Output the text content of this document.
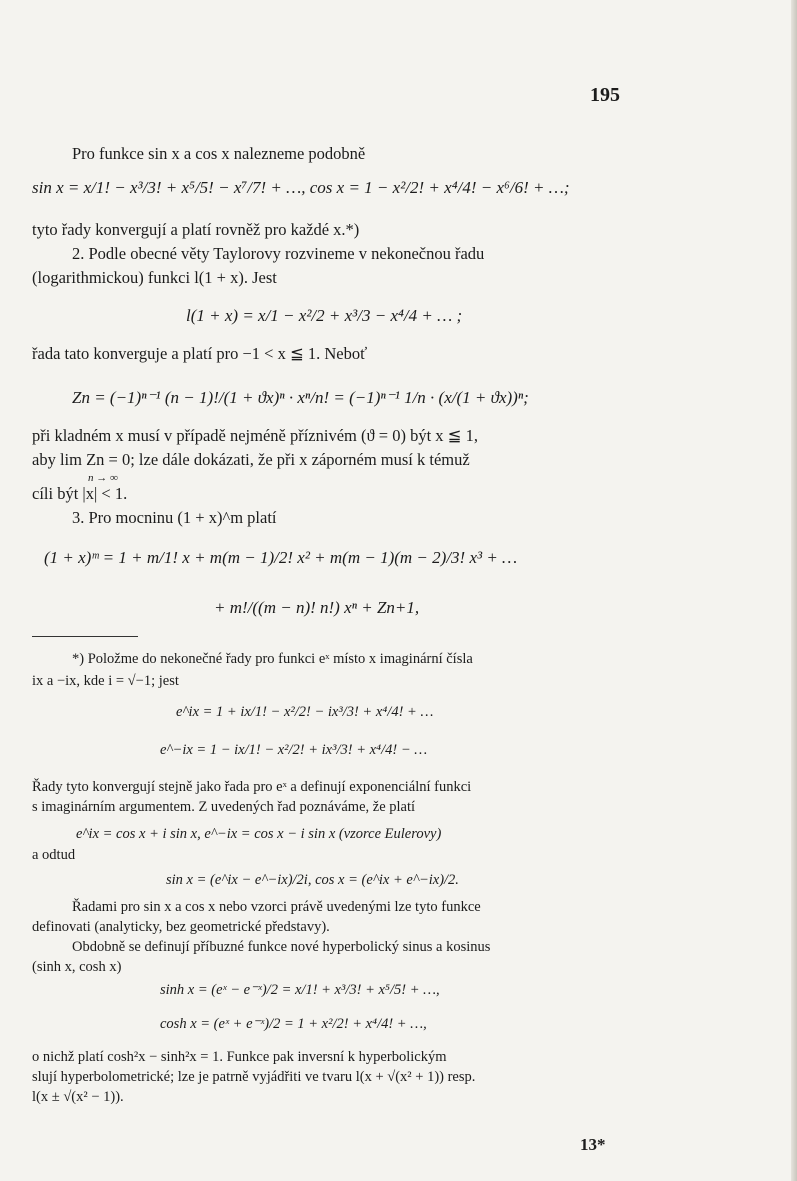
195
Pro funkce sin x a cos x nalezneme podobně
sin x = x/1! − x³/3! + x⁵/5! − x⁷/7! + …, cos x = 1 − x²/2! + x⁴/4! − x⁶/6! + …;
tyto řady konvergují a platí rovněž pro každé x.*)
2. Podle obecné věty Taylorovy rozvineme v nekonečnou řadu
(logarithmickou) funkci l(1 + x). Jest
l(1 + x) = x/1 − x²/2 + x³/3 − x⁴/4 + … ;
řada tato konverguje a platí pro −1 < x ≦ 1. Neboť
Zn = (−1)ⁿ⁻¹ (n − 1)!/(1 + ϑx)ⁿ · xⁿ/n! = (−1)ⁿ⁻¹ 1/n · (x/(1 + ϑx))ⁿ;
při kladném x musí v případě nejméně příznivém (ϑ = 0) být x ≦ 1,
aby lim Zn = 0; lze dále dokázati, že při x záporném musí k témuž
n → ∞
cíli být |x| < 1.
3. Pro mocninu (1 + x)^m platí
(1 + x)ᵐ = 1 + m/1! x + m(m − 1)/2! x² + m(m − 1)(m − 2)/3! x³ + …
+ m!/((m − n)! n!) xⁿ + Zn+1,
*) Položme do nekonečné řady pro funkci eˣ místo x imaginární čísla
ix a −ix, kde i = √−1; jest
e^ix = 1 + ix/1! − x²/2! − ix³/3! + x⁴/4! + …
e^−ix = 1 − ix/1! − x²/2! + ix³/3! + x⁴/4! − …
Řady tyto konvergují stejně jako řada pro eˣ a definují exponenciální funkci
s imaginárním argumentem. Z uvedených řad poznáváme, že platí
e^ix = cos x + i sin x, e^−ix = cos x − i sin x (vzorce Eulerovy)
a odtud
sin x = (e^ix − e^−ix)/2i, cos x = (e^ix + e^−ix)/2.
Řadami pro sin x a cos x nebo vzorci právě uvedenými lze tyto funkce
definovati (analyticky, bez geometrické představy).
Obdobně se definují příbuzné funkce nové hyperbolický sinus a kosinus
(sinh x, cosh x)
sinh x = (eˣ − e⁻ˣ)/2 = x/1! + x³/3! + x⁵/5! + …,
cosh x = (eˣ + e⁻ˣ)/2 = 1 + x²/2! + x⁴/4! + …,
o nichž platí cosh²x − sinh²x = 1. Funkce pak inversní k hyperbolickým
slují hyperbolometrické; lze je patrně vyjádřiti ve tvaru l(x + √(x² + 1)) resp.
l(x ± √(x² − 1)).
13*
